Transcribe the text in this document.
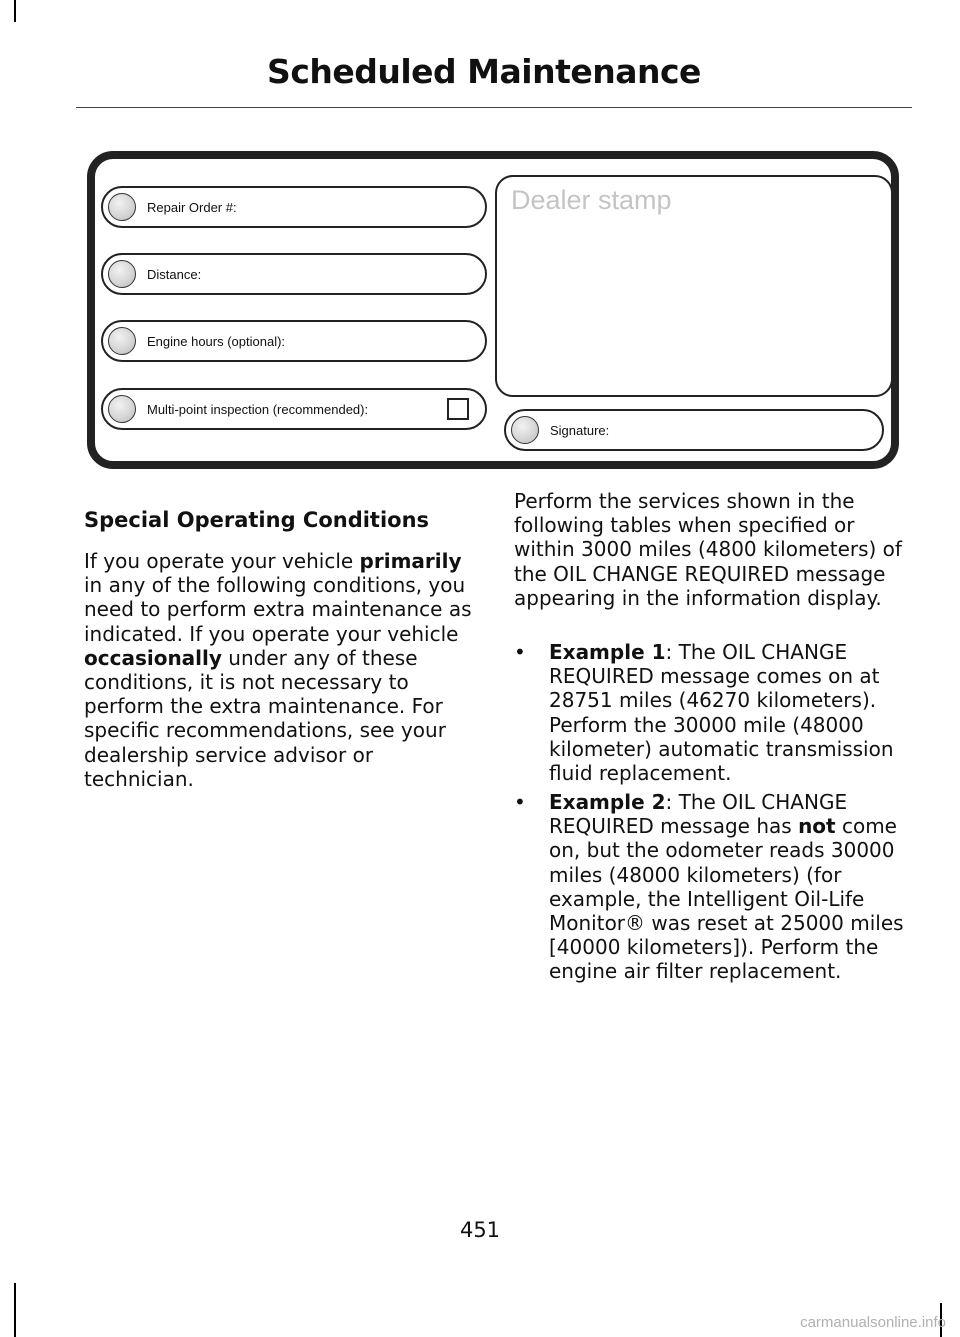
Scheduled Maintenance
Repair Order #:
Distance:
Engine hours (optional):
Multi-point inspection (recommended):
Dealer stamp
Signature:
Special Operating Conditions
If you operate your vehicle primarily in any of the following conditions, you need to perform extra maintenance as indicated. If you operate your vehicle occasionally under any of these conditions, it is not necessary to perform the extra maintenance. For specific recommendations, see your dealership service advisor or technician.
Perform the services shown in the following tables when specified or within 3000 miles (4800 kilometers) of the OIL CHANGE REQUIRED message appearing in the information display.
• Example 1: The OIL CHANGE REQUIRED message comes on at 28751 miles (46270 kilometers). Perform the 30000 mile (48000 kilometer) automatic transmission fluid replacement.
• Example 2: The OIL CHANGE REQUIRED message has not come on, but the odometer reads 30000 miles (48000 kilometers) (for example, the Intelligent Oil-Life Monitor® was reset at 25000 miles [40000 kilometers]). Perform the engine air filter replacement.
451
carmanualsonline.info
